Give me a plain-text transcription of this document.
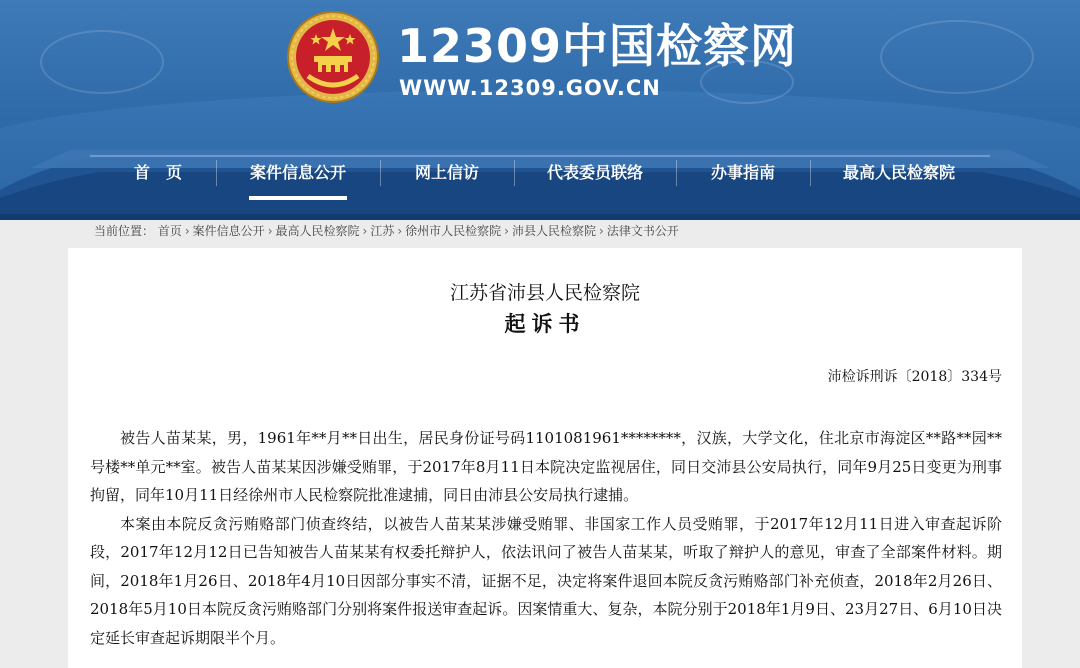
12309中国检察网
WWW.12309.GOV.CN
首　页	案件信息公开	网上信访	代表委员联络	办事指南	最高人民检察院
当前位置： 首页 › 案件信息公开 › 最高人民检察院 › 江苏 › 徐州市人民检察院 › 沛县人民检察院 › 法律文书公开
江苏省沛县人民检察院
起诉书
沛检诉刑诉〔2018〕334号

被告人苗某某，男，1961年**月**日出生，居民身份证号码1101081961********，汉族，大学文化，住北京市海淀区**路**园**号楼**单元**室。被告人苗某某因涉嫌受贿罪，于2017年8月11日本院决定监视居住，同日交沛县公安局执行，同年9月25日变更为刑事拘留，同年10月11日经徐州市人民检察院批准逮捕，同日由沛县公安局执行逮捕。

本案由本院反贪污贿赂部门侦查终结，以被告人苗某某涉嫌受贿罪、非国家工作人员受贿罪，于2017年12月11日进入审查起诉阶段，2017年12月12日已告知被告人苗某某有权委托辩护人，依法讯问了被告人苗某某，听取了辩护人的意见，审查了全部案件材料。期间，2018年1月26日、2018年4月10日因部分事实不清，证据不足，决定将案件退回本院反贪污贿赂部门补充侦查，2018年2月26日、2018年5月10日本院反贪污贿赂部门分别将案件报送审查起诉。因案情重大、复杂，本院分别于2018年1月9日、23月27日、6月10日决定延长审查起诉期限半个月。
